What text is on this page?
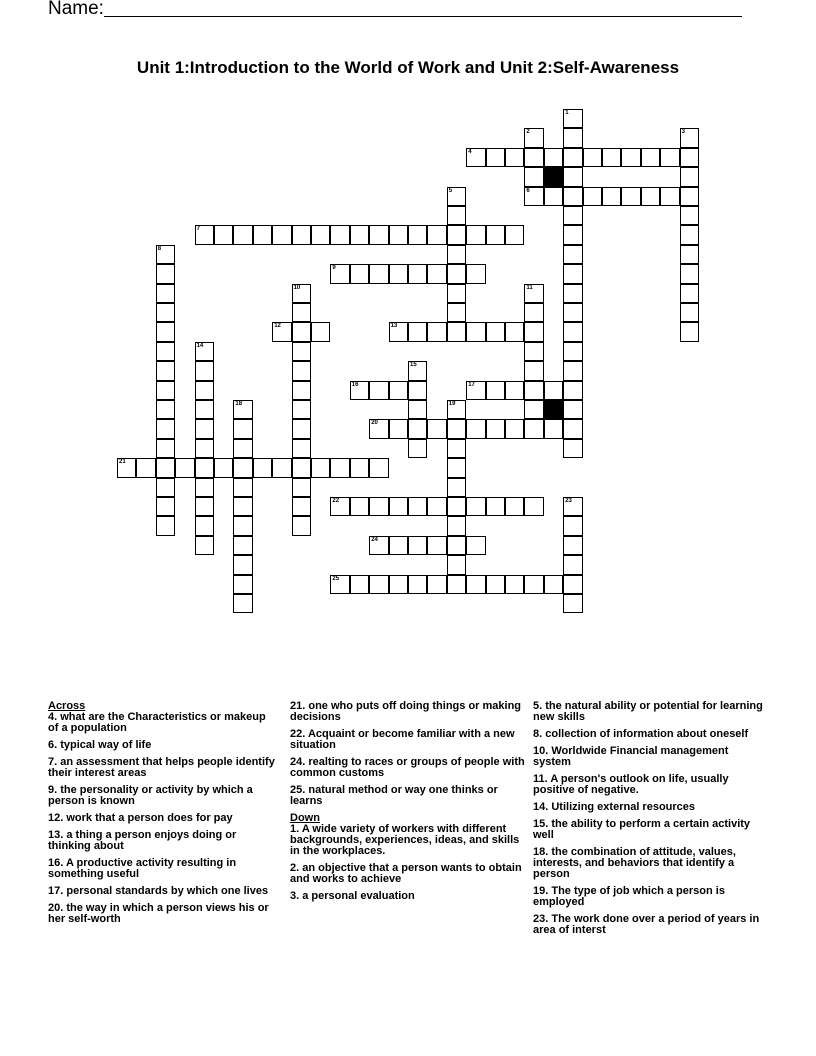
Name:
Unit 1:Introduction to the World of Work and Unit 2:Self-Awareness
1
2
6
3
4
5
7
8
9
10	11
12	13
14
15
16	17
18	19
20
21
22	23
24
25
Across
4. what are the Characteristics or makeup of a population
6. typical way of life
7. an assessment that helps people identify their interest areas
9. the personality or activity by which a person is known
12. work that a person does for pay
13. a thing a person enjoys doing or thinking about
16. A productive activity resulting in something useful
17. personal standards by which one lives
20. the way in which a person views his or her self-worth
21. one who puts off doing things or making decisions
22. Acquaint or become familiar with a new situation
24. realting to races or groups of people with common customs
25. natural method or way one thinks or learns
Down
1. A wide variety of workers with different backgrounds, experiences, ideas, and skills in the workplaces.
2. an objective that a person wants to obtain and works to achieve
3. a personal evaluation
5. the natural ability or potential for learning new skills
8. collection of information about oneself
10. Worldwide Financial management system
11. A person's outlook on life, usually positive of negative.
14. Utilizing external resources
15. the ability to perform a certain activity well
18. the combination of attitude, values, interests, and behaviors that identify a person
19. The type of job which a person is employed
23. The work done over a period of years in area of interst
